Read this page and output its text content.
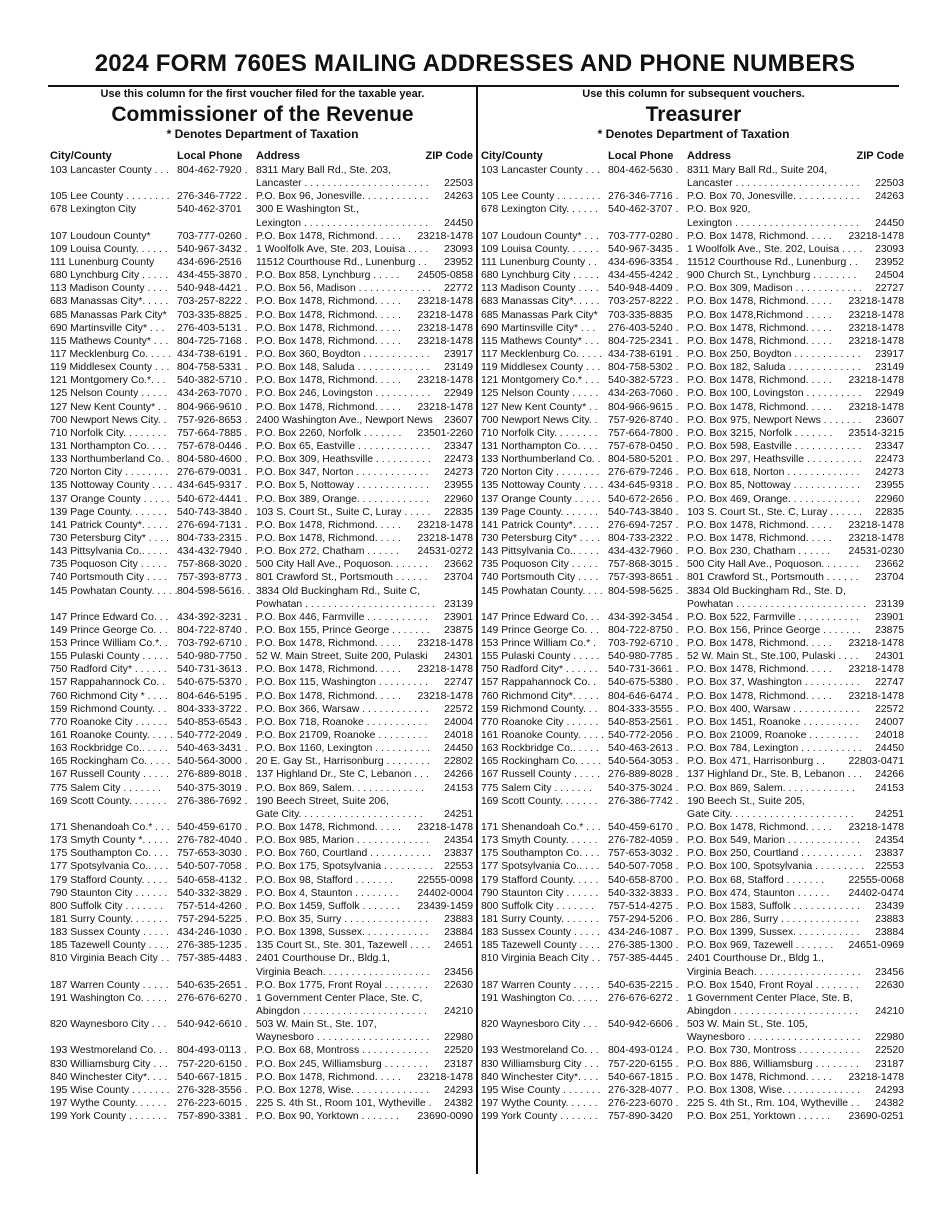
2024 FORM 760ES MAILING ADDRESSES AND PHONE NUMBERS
Use this column for the first voucher filed for the taxable year.
Commissioner of the Revenue
* Denotes Department of Taxation
City/County	Local Phone Address	ZIP Code
103 Lancaster County . . . 804-462-7920 . 8311 Mary Ball Rd., Ste. 203,
Lancaster . . . . . . . . . . . . . . . . . . . . . .	22503
105 Lee County . . . . . . . . 276-346-7722 . P.O. Box 96, Jonesville. . . . . . . . . . . .	24263
678 Lexington City	540-462-3701 300 E Washington St.,
Lexington . . . . . . . . . . . . . . . . . . . . . .	24450
107 Loudoun County*	703-777-0260 . P.O. Box 1478, Richmond. . . . .	23218-1478
109 Louisa County. . . . . . 540-967-3432 . 1 Woolfolk Ave, Ste. 203, Louisa . . . .	23093
111 Lunenburg County 434-696-2516 11512 Courthouse Rd., Lunenburg . .	23952
680 Lynchburg City . . . . . 434-455-3870 . P.O. Box 858, Lynchburg . . . . .	24505-0858
113 Madison County . . . . 540-948-4421 . P.O. Box 56, Madison . . . . . . . . . . . . .	22772
683 Manassas City*. . . . . 703-257-8222 . P.O. Box 1478, Richmond. . . . .	23218-1478
685 Manassas Park City* 703-335-8825 . P.O. Box 1478, Richmond. . . . .	23218-1478
690 Martinsville City* . . . 276-403-5131 . P.O. Box 1478, Richmond. . . . .	23218-1478
115 Mathews County* . . . 804-725-7168 . P.O. Box 1478, Richmond. . . . .	23218-1478
117 Mecklenburg Co. . . . . 434-738-6191 . P.O. Box 360, Boydton . . . . . . . . . . . .	23917
119 Middlesex County . . . 804-758-5331 . P.O. Box 148, Saluda . . . . . . . . . . . . .	23149
121 Montgomery Co.*. . . 540-382-5710 . P.O. Box 1478, Richmond. . . . .	23218-1478
125 Nelson County . . . . . 434-263-7070 . P.O. Box 246, Lovingston . . . . . . . . . .	22949
127 New Kent County* . . 804-966-9610 . P.O. Box 1478, Richmond. . . . .	23218-1478
700 Newport News City. . 757-926-8653 . 2400 Washington Ave., Newport News	23607
710 Norfolk City. . . . . . . . 757-664-7885 . P.O. Box 2260, Norfolk . . . . . . .	23501-2260
131 Northampton Co. . . . 757-678-0446 . P.O. Box 65, Eastville . . . . . . . . . . . . .	23347
133 Northumberland Co. . 804-580-4600 . P.O. Box 309, Heathsville . . . . . . . . . .	22473
720 Norton City . . . . . . . . 276-679-0031 . P.O. Box 347, Norton . . . . . . . . . . . . .	24273
135 Nottoway County . . . . 434-645-9317 . P.O. Box 5, Nottoway . . . . . . . . . . . . .	23955
137 Orange County . . . . . 540-672-4441 . P.O. Box 389, Orange. . . . . . . . . . . . .	22960
139 Page County. . . . . . . 540-743-3840 . 103 S. Court St., Suite C, Luray . . . . .	22835
141 Patrick County*. . . . . 276-694-7131 . P.O. Box 1478, Richmond. . . . .	23218-1478
730 Petersburg City* . . . . 804-733-2315 . P.O. Box 1478, Richmond. . . . .	23218-1478
143 Pittsylvania Co.. . . . . 434-432-7940 . P.O. Box 272, Chatham . . . . . .	24531-0272
735 Poquoson City . . . . . 757-868-3020 . 500 City Hall Ave., Poquoson. . . . . . .	23662
740 Portsmouth City . . . . 757-393-8773 . 801 Crawford St., Portsmouth . . . . . .	23704
145 Powhatan County. . . . . 804-598-5616. . 3834 Old Buckingham Rd., Suite C,
Powhatan . . . . . . . . . . . . . . . . . . . . . . . 23139
147 Prince Edward Co. . . 434-392-3231 . P.O. Box 446, Farmville . . . . . . . . . . .	23901
149 Prince George Co. . . 804-722-8740 . P.O. Box 155, Prince George . . . . . . .	23875
153 Prince William Co.*. . 703-792-6710 . P.O. Box 1478, Richmond. . . . .	23218-1478
155 Pulaski County . . . . . 540-980-7750 . 52 W. Main Street, Suite 200, Pulaski	24301
750 Radford City* . . . . . . 540-731-3613 . P.O. Box 1478, Richmond. . . . .	23218-1478
157 Rappahannock Co. . 540-675-5370 . P.O. Box 115, Washington . . . . . . . . .	22747
760 Richmond City * . . . . 804-646-5195 . P.O. Box 1478, Richmond. . . . .	23218-1478
159 Richmond County. . . 804-333-3722 . P.O. Box 366, Warsaw . . . . . . . . . . . .	22572
770 Roanoke City . . . . . . 540-853-6543 . P.O. Box 718, Roanoke . . . . . . . . . . .	24004
161 Roanoke County. . . . . 540-772-2049 . P.O. Box 21709, Roanoke . . . . . . . . .	24018
163 Rockbridge Co.. . . . . 540-463-3431 . P.O. Box 1160, Lexington . . . . . . . . . .	24450
165 Rockingham Co. . . . . 540-564-3000 . 20 E. Gay St., Harrisonburg . . . . . . . .	22802
167 Russell County . . . . . 276-889-8018 . 137 Highland Dr., Ste C, Lebanon . . .	24266
775 Salem City . . . . . . . 540-375-3019 . P.O. Box 869, Salem. . . . . . . . . . . . .	24153
169 Scott County. . . . . . . 276-386-7692 . 190 Beech Street, Suite 206,
Gate City. . . . . . . . . . . . . . . . . . . . . .	24251
171 Shenandoah Co.* . . . 540-459-6170 . P.O. Box 1478, Richmond. . . . .	23218-1478
173 Smyth County *. . . . . 276-782-4040 . P.O. Box 985, Marion . . . . . . . . . . . . .	24354
175 Southampton Co. . . . 757-653-3030 . P.O. Box 760, Courtland . . . . . . . . . . .	23837
177 Spotsylvania Co.. . . . 540-507-7058 . P.O. Box 175, Spotsylvania . . . . . . . . .	22553
179 Stafford County. . . . . 540-658-4132 . P.O. Box 98, Stafford . . . . . . .	22555-0098
790 Staunton City . . . . . . 540-332-3829 . P.O. Box 4, Staunton . . . . . . . .	24402-0004
800 Suffolk City . . . . . . . 757-514-4260 . P.O. Box 1459, Suffolk . . . . . . .	23439-1459
181 Surry County. . . . . . . 757-294-5225 . P.O. Box 35, Surry . . . . . . . . . . . . . . .	23883
183 Sussex County . . . . . 434-246-1030 . P.O. Box 1398, Sussex. . . . . . . . . . . .	23884
185 Tazewell County . . . . 276-385-1235 . 135 Court St., Ste. 301, Tazewell . . . .	24651
810 Virginia Beach City . . 757-385-4483 . 2401 Courthouse Dr., Bldg.1,
Virginia Beach. . . . . . . . . . . . . . . . . . .	23456
187 Warren County . . . . . 540-635-2651 . P.O. Box 1775, Front Royal . . . . . . . .	22630
191 Washington Co. . . . . 276-676-6270 . 1 Government Center Place, Ste. C,
Abingdon . . . . . . . . . . . . . . . . . . . . . .	24210
820 Waynesboro City . . . 540-942-6610 . 503 W. Main St., Ste. 107,
Waynesboro . . . . . . . . . . . . . . . . . . . .	22980
193 Westmoreland Co. . . 804-493-0113 . P.O. Box 68, Montross . . . . . . . . . . . .	22520
830 Williamsburg City . . . 757-220-6150 . P.O. Box 245, Williamsburg . . . . . . . .	23187
840 Winchester City*. . . . 540-667-1815 . P.O. Box 1478, Richmond. . . . .	23218-1478
195 Wise County . . . . . . . 276-328-3556 . P.O. Box 1278, Wise. . . . . . . . . . . . . .	24293
197 Wythe County. . . . . . 276-223-6015 . 225 S. 4th St., Room 101, Wytheville .	24382
199 York County . . . . . . . 757-890-3381 . P.O. Box 90, Yorktown . . . . . . .	23690-0090
Use this column for subsequent vouchers.
Treasurer
* Denotes Department of Taxation
City/County	Local Phone Address	ZIP Code
103 Lancaster County . . . 804-462-5630 . 8311 Mary Ball Rd., Suite 204,
Lancaster . . . . . . . . . . . . . . . . . . . . . .	22503
105 Lee County . . . . . . . . 276-346-7716 . P.O. Box 70, Jonesville. . . . . . . . . . . .	24263
678 Lexington City. . . . . . 540-462-3707 . P.O. Box 920,
Lexington . . . . . . . . . . . . . . . . . . . . . .	24450
107 Loudoun County* . . . 703-777-0280 . P.O. Box 1478, Richmond. . . . .	23218-1478
109 Louisa County. . . . . . 540-967-3435 . 1 Woolfolk Ave., Ste. 202, Louisa . . . .	23093
111 Lunenburg County . . 434-696-3354 . 11512 Courthouse Rd., Lunenburg . .	23952
680 Lynchburg City . . . . . 434-455-4242 . 900 Church St., Lynchburg . . . . . . . .	24504
113 Madison County . . . . 540-948-4409 . P.O. Box 309, Madison . . . . . . . . . . . .	22727
683 Manassas City*. . . . . 703-257-8222 . P.O. Box 1478, Richmond. . . . .	23218-1478
685 Manassas Park City* 703-335-8835 P.O. Box 1478,Richmond . . . . .	23218-1478
690 Martinsville City* . . . 276-403-5240 . P.O. Box 1478, Richmond. . . . .	23218-1478
115 Mathews County* . . . 804-725-2341 . P.O. Box 1478, Richmond. . . . .	23218-1478
117 Mecklenburg Co. . . . . 434-738-6191 . P.O. Box 250, Boydton . . . . . . . . . . . .	23917
119 Middlesex County . . . 804-758-5302 . P.O. Box 182, Saluda . . . . . . . . . . . . .	23149
121 Montgomery Co.* . . . 540-382-5723 . P.O. Box 1478, Richmond. . . . .	23218-1478
125 Nelson County . . . . . 434-263-7060 . P.O. Box 100, Lovingston . . . . . . . . . .	22949
127 New Kent County* . . 804-966-9615 . P.O. Box 1478, Richmond. . . . .	23218-1478
700 Newport News City. . 757-926-8740 . P.O. Box 975, Newport News . . . . . . .	23607
710 Norfolk City. . . . . . . . 757-664-7800 . P.O. Box 3215, Norfolk . . . . . . .	23514-3215
131 Northampton Co. . . . 757-678-0450 . P.O. Box 598, Eastville . . . . . . . . . . . .	23347
133 Northumberland Co. . 804-580-5201 . P.O. Box 297, Heathsville . . . . . . . . . .	22473
720 Norton City . . . . . . . . 276-679-7246 . P.O. Box 618, Norton . . . . . . . . . . . . .	24273
135 Nottoway County . . . . 434-645-9318 . P.O. Box 85, Nottoway . . . . . . . . . . . .	23955
137 Orange County . . . . . 540-672-2656 . P.O. Box 469, Orange. . . . . . . . . . . . .	22960
139 Page County. . . . . . . 540-743-3840 . 103 S. Court St., Ste. C, Luray . . . . . .	22835
141 Patrick County*. . . . . 276-694-7257 . P.O. Box 1478, Richmond. . . . .	23218-1478
730 Petersburg City* . . . . 804-733-2322 . P.O. Box 1478, Richmond. . . . .	23218-1478
143 Pittsylvania Co.. . . . . 434-432-7960 . P.O. Box 230, Chatham . . . . . .	24531-0230
735 Poquoson City . . . . . 757-868-3015 . 500 City Hall Ave., Poquoson. . . . . . .	23662
740 Portsmouth City . . . . 757-393-8651 . 801 Crawford St., Portsmouth . . . . . .	23704
145 Powhatan County. . . . 804-598-5625 . 3834 Old Buckingham Rd., Ste. D,
Powhatan . . . . . . . . . . . . . . . . . . . . . . . 23139
147 Prince Edward Co. . . 434-392-3454 . P.O. Box 522, Farmville . . . . . . . . . . .	23901
149 Prince George Co. . . 804-722-8750 . P.O. Box 156, Prince George . . . . . . .	23875
153 Prince William Co.* . 703-792-6710 . P.O. Box 1478, Richmond. . . . .	23218-1478
155 Pulaski County . . . . . 540-980-7785 . 52 W. Main St., Ste.100, Pulaski . . . .	24301
750 Radford City* . . . . . . 540-731-3661 . P.O. Box 1478, Richmond. . . . .	23218-1478
157 Rappahannock Co. . 540-675-5380 . P.O. Box 37, Washington . . . . . . . . . .	22747
760 Richmond City*. . . . . 804-646-6474 . P.O. Box 1478, Richmond. . . . .	23218-1478
159 Richmond County. . . 804-333-3555 . P.O. Box 400, Warsaw . . . . . . . . . . . .	22572
770 Roanoke City . . . . . . 540-853-2561 . P.O. Box 1451, Roanoke . . . . . . . . . .	24007
161 Roanoke County. . . . . 540-772-2056 . P.O. Box 21009, Roanoke . . . . . . . . .	24018
163 Rockbridge Co.. . . . . 540-463-2613 . P.O. Box 784, Lexington . . . . . . . . . . .	24450
165 Rockingham Co. . . . . 540-564-3053 . P.O. Box 471, Harrisonburg . .	22803-0471
167 Russell County . . . . . 276-889-8028 . 137 Highland Dr., Ste. B, Lebanon . . .	24266
775 Salem City . . . . . . . 540-375-3024 . P.O. Box 869, Salem. . . . . . . . . . . . .	24153
169 Scott County. . . . . . . 276-386-7742 . 190 Beech St., Suite 205,
Gate City. . . . . . . . . . . . . . . . . . . . . .	24251
171 Shenandoah Co.* . . . 540-459-6170 . P.O. Box 1478, Richmond. . . . .	23218-1478
173 Smyth County. . . . . . 276-782-4059 . P.O. Box 549, Marion . . . . . . . . . . . . .	24354
175 Southampton Co. . . . 757-653-3032 . P.O. Box 250, Courtland . . . . . . . . . . .	23837
177 Spotsylvania Co.. . . . 540-507-7058 . P.O. Box 100, Spotsylvania . . . . . . . . .	22553
179 Stafford County. . . . . 540-658-8700 . P.O. Box 68, Stafford . . . . . . .	22555-0068
790 Staunton City . . . . . . 540-332-3833 . P.O. Box 474, Staunton . . . . . .	24402-0474
800 Suffolk City . . . . . . . 757-514-4275 . P.O. Box 1583, Suffolk . . . . . . . . . . . .	23439
181 Surry County. . . . . . . 757-294-5206 . P.O. Box 286, Surry . . . . . . . . . . . . . .	23883
183 Sussex County . . . . . 434-246-1087 . P.O. Box 1399, Sussex. . . . . . . . . . . .	23884
185 Tazewell County . . . . 276-385-1300 . P.O. Box 969, Tazewell . . . . . . .	24651-0969
810 Virginia Beach City . . 757-385-4445 . 2401 Courthouse Dr., Bldg 1.,
Virginia Beach. . . . . . . . . . . . . . . . . . .	23456
187 Warren County . . . . . 540-635-2215 . P.O. Box 1540, Front Royal . . . . . . . .	22630
191 Washington Co. . . . . 276-676-6272 . 1 Government Center Place, Ste. B,
Abingdon . . . . . . . . . . . . . . . . . . . . . .	24210
820 Waynesboro City . . . 540-942-6606 . 503 W. Main St., Ste. 105,
Waynesboro . . . . . . . . . . . . . . . . . . . .	22980
193 Westmoreland Co. . . 804-493-0124 . P.O. Box 730, Montross . . . . . . . . . . .	22520
830 Williamsburg City . . . 757-220-6155 . P.O. Box 886, Williamsburg . . . . . . . .	23187
840 Winchester City*. . . . 540-667-1815 . P.O. Box 1478, Richmond. . . . .	23218-1478
195 Wise County . . . . . . . 276-328-4077 . P.O. Box 1308, Wise. . . . . . . . . . . . . .	24293
197 Wythe County. . . . . . 276-223-6070 . 225 S. 4th St., Rm. 104, Wytheville . .	24382
199 York County . . . . . . . 757-890-3420 P.O. Box 251, Yorktown . . . . . .	23690-0251
